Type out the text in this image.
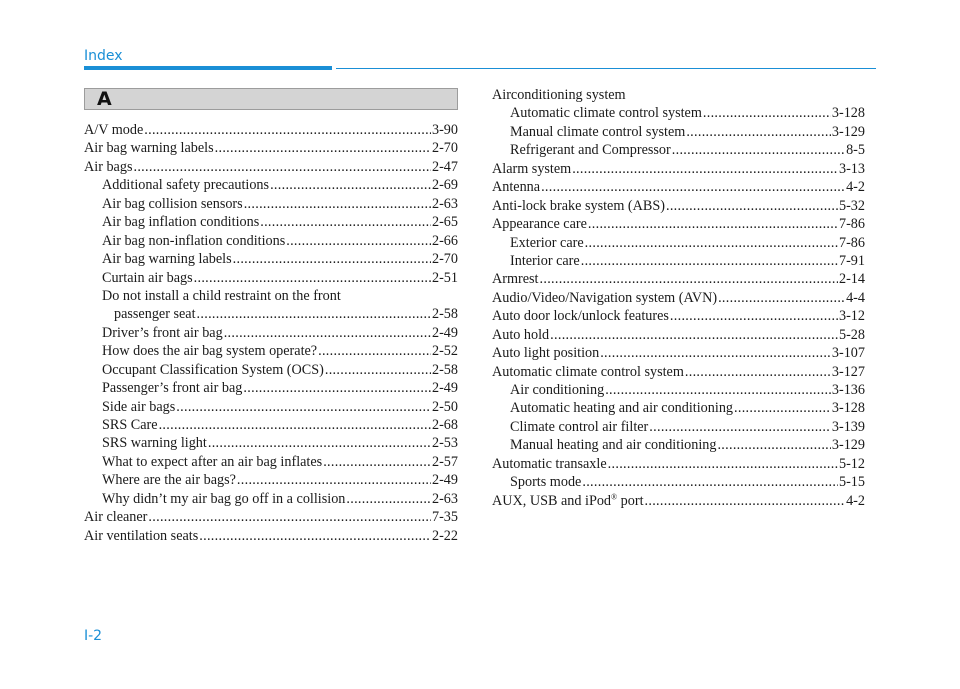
Index
A
A/V mode .....	3-90
Air bag warning labels .....	2-70
Air bags .....	2-47
Additional safety precautions .....	2-69
Air bag collision sensors .....	2-63
Air bag inflation conditions .....	2-65
Air bag non-inflation conditions .....	2-66
Air bag warning labels .....	2-70
Curtain air bags .....	2-51
Do not install a child restraint on the front
passenger seat .....	2-58
Driver’s front air bag .....	2-49
How does the air bag system operate? .....	2-52
Occupant Classification System (OCS) .....	2-58
Passenger’s front air bag .....	2-49
Side air bags .....	2-50
SRS Care .....	2-68
SRS warning light .....	2-53
What to expect after an air bag inflates .....	2-57
Where are the air bags? .....	2-49
Why didn’t my air bag go off in a collision .....	2-63
Air cleaner .....	7-35
Air ventilation seats .....	2-22
Airconditioning system
Automatic climate control system .....	3-128
Manual climate control system .....	3-129
Refrigerant and Compressor .....	8-5
Alarm system .....	3-13
Antenna .....	4-2
Anti-lock brake system (ABS) .....	5-32
Appearance care .....	7-86
Exterior care .....	7-86
Interior care .....	7-91
Armrest .....	2-14
Audio/Video/Navigation system (AVN) .....	4-4
Auto door lock/unlock features .....	3-12
Auto hold .....	5-28
Auto light position .....	3-107
Automatic climate control system .....	3-127
Air conditioning .....	3-136
Automatic heating and air conditioning .....	3-128
Climate control air filter .....	3-139
Manual heating and air conditioning .....	3-129
Automatic transaxle .....	5-12
Sports mode .....	5-15
AUX, USB and iPod® port .....	4-2
I-2
